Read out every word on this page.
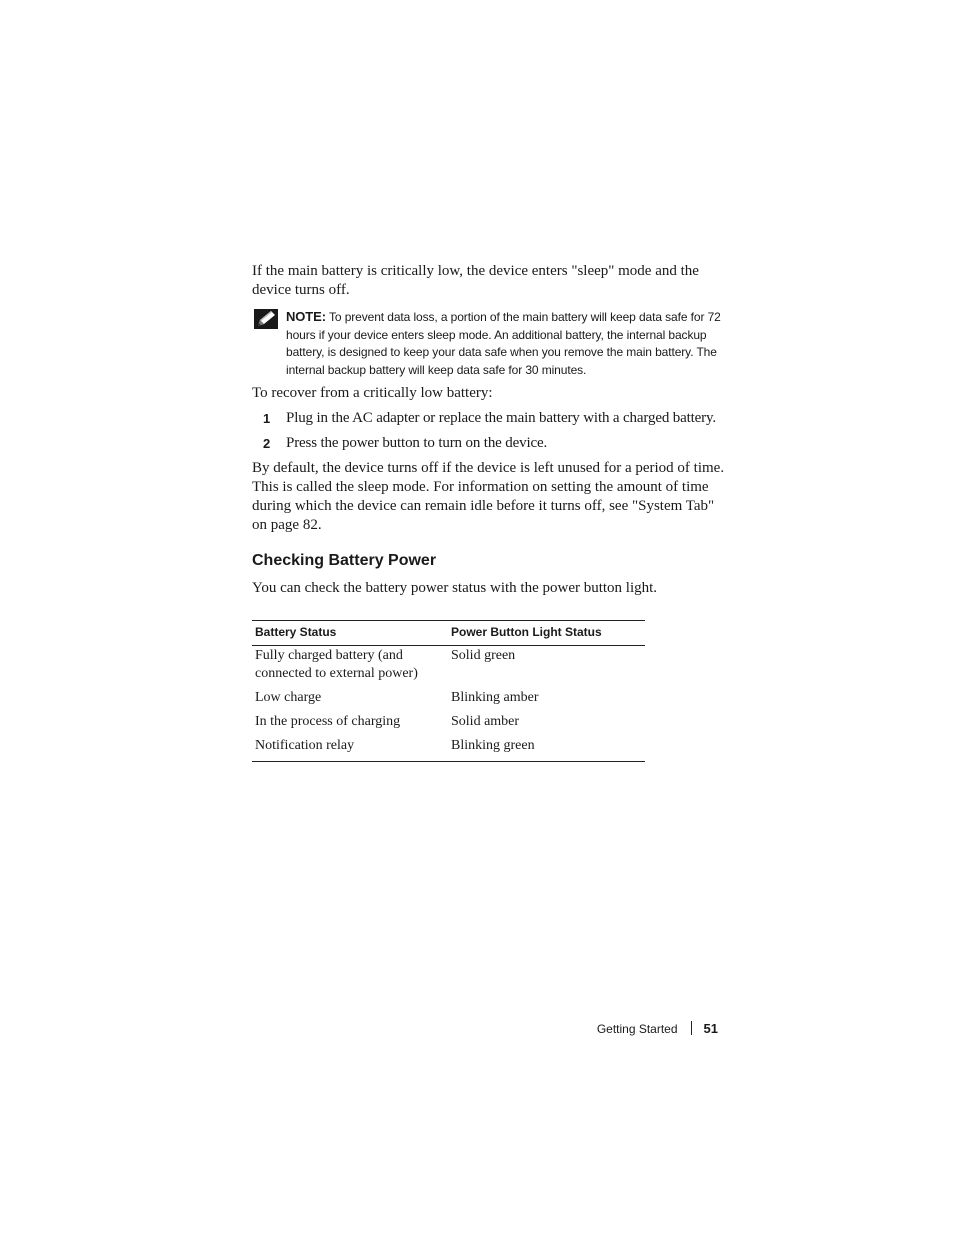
If the main battery is critically low, the device enters "sleep" mode and the device turns off.

NOTE: To prevent data loss, a portion of the main battery will keep data safe for 72 hours if your device enters sleep mode. An additional battery, the internal backup battery, is designed to keep your data safe when you remove the main battery. The internal backup battery will keep data safe for 30 minutes.

To recover from a critically low battery:

1 Plug in the AC adapter or replace the main battery with a charged battery.
2 Press the power button to turn on the device.

By default, the device turns off if the device is left unused for a period of time. This is called the sleep mode. For information on setting the amount of time during which the device can remain idle before it turns off, see "System Tab" on page 82.

Checking Battery Power

You can check the battery power status with the power button light.

Battery Status	Power Button Light Status
Fully charged battery (and connected to external power)	Solid green
Low charge	Blinking amber
In the process of charging	Solid amber
Notification relay	Blinking green
Getting Started 51
